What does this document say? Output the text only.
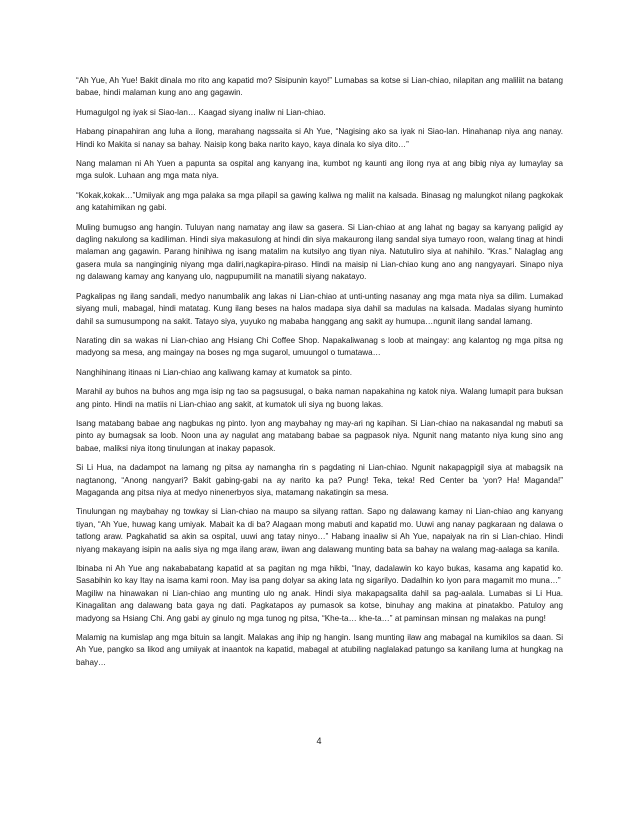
“Ah Yue, Ah Yue! Bakit dinala mo rito ang kapatid mo? Sisipunin kayo!” Lumabas sa kotse si Lian-chiao, nilapitan ang maliliit na batang babae, hindi malaman kung ano ang gagawin.

Humagulgol ng iyak si Siao-lan… Kaagad siyang inaliw ni Lian-chiao.

Habang pinapahiran ang luha a ilong, marahang nagssaita si Ah Yue, “Nagising ako sa iyak ni Siao-lan. Hinahanap niya ang nanay. Hindi ko Makita si nanay sa bahay. Naisip kong baka narito kayo, kaya dinala ko siya dito…”

Nang malaman ni Ah Yuen a papunta sa ospital ang kanyang ina, kumbot ng kaunti ang ilong nya at ang bibig niya ay lumaylay sa mga sulok. Luhaan ang mga mata niya.

“Kokak,kokak…”Umiiyak ang mga palaka sa mga pilapil sa gawing kaliwa ng maliit na kalsada. Binasag ng malungkot nilang pagkokak ang katahimikan ng gabi.

Muling bumugso ang hangin. Tuluyan nang namatay ang ilaw sa gasera. Si Lian-chiao at ang lahat ng bagay sa kanyang paligid ay dagling nakulong sa kadiliman. Hindi siya makasulong at hindi din siya makaurong ilang sandal siya tumayo roon, walang tinag at hindi malaman ang gagawin. Parang hinihiwa ng isang matalim na kutsilyo ang tiyan niya. Natutuliro siya at nahihilo. “Kras.” Nalaglag ang gasera mula sa nanginginig niyang mga daliri,nagkapira-piraso. Hindi na maisip ni Lian-chiao kung ano ang nangyayari. Sinapo niya ng dalawang kamay ang kanyang ulo, nagpupumilit na manatili siyang nakatayo.

Pagkalipas ng ilang sandali, medyo nanumbalik ang lakas ni Lian-chiao at unti-unting nasanay ang mga mata niya sa dilim. Lumakad siyang muli, mabagal, hindi matatag. Kung ilang beses na halos madapa siya dahil sa madulas na kalsada. Madalas siyang huminto dahil sa sumusumpong na sakit. Tatayo siya, yuyuko ng mababa hanggang ang sakit ay humupa…ngunit ilang sandal lamang.

Narating din sa wakas ni Lian-chiao ang Hsiang Chi Coffee Shop. Napakaliwanag s loob at maingay: ang kalantog ng mga pitsa ng madyong sa mesa, ang maingay na boses ng mga sugarol, umuungol o tumatawa…

Nanghihinang itinaas ni Lian-chiao ang kaliwang kamay at kumatok sa pinto.

Marahil ay buhos na buhos ang mga isip ng tao sa pagsusugal, o baka naman napakahina ng katok niya. Walang lumapit para buksan ang pinto. Hindi na matiis ni Lian-chiao ang sakit, at kumatok uli siya ng buong lakas.

Isang matabang babae ang nagbukas ng pinto. Iyon ang maybahay ng may-ari ng kapihan. Si Lian-chiao na nakasandal ng mabuti sa pinto ay bumagsak sa loob. Noon una ay nagulat ang matabang babae sa pagpasok niya. Ngunit nang matanto niya kung sino ang babae, maliksi niya itong tinulungan at inakay papasok.

Si Li Hua, na dadampot na lamang ng pitsa ay namangha rin s pagdating ni Lian-chiao. Ngunit nakapagpigil siya at mabagsik na nagtanong, “Anong nangyari? Bakit gabing-gabi na ay narito ka pa? Pung! Teka, teka! Red Center ba ‘yon? Ha! Maganda!” Magaganda ang pitsa niya at medyo ninenerbyos siya, matamang nakatingin sa mesa.

Tinulungan ng maybahay ng towkay si Lian-chiao na maupo sa silyang rattan. Sapo ng dalawang kamay ni Lian-chiao ang kanyang tiyan, “Ah Yue, huwag kang umiyak. Mabait ka di ba? Alagaan mong mabuti and kapatid mo. Uuwi ang nanay pagkaraan ng dalawa o tatlong araw. Pagkahatid sa akin sa ospital, uuwi ang tatay ninyo…” Habang inaaliw si Ah Yue, napaiyak na rin si Lian-chiao. Hindi niyang makayang isipin na aalis siya ng mga ilang araw, iiwan ang dalawang munting bata sa bahay na walang mag-aalaga sa kanila.

Ibinaba ni Ah Yue ang nakababatang kapatid at sa pagitan ng mga hikbi, “Inay, dadalawin ko kayo bukas, kasama ang kapatid ko. Sasabihin ko kay Itay na isama kami roon. May isa pang dolyar sa aking lata ng sigarilyo. Dadalhin ko iyon para magamit mo muna…”
Magiliw na hinawakan ni Lian-chiao ang munting ulo ng anak. Hindi siya makapagsalita dahil sa pag-aalala. Lumabas si Li Hua. Kinagalitan ang dalawang bata gaya ng dati. Pagkatapos ay pumasok sa kotse, binuhay ang makina at pinatakbo. Patuloy ang madyong sa Hsiang Chi. Ang gabi ay ginulo ng mga tunog ng pitsa, “Khe-ta… khe-ta…” at paminsan minsan ng malakas na pung!

Malamig na kumislap ang mga bituin sa langit. Malakas ang ihip ng hangin. Isang munting ilaw ang mabagal na kumikilos sa daan. Si Ah Yue, pangko sa likod ang umiiyak at inaantok na kapatid, mabagal at atubiling naglalakad patungo sa kanilang luma at hungkag na bahay…

4
